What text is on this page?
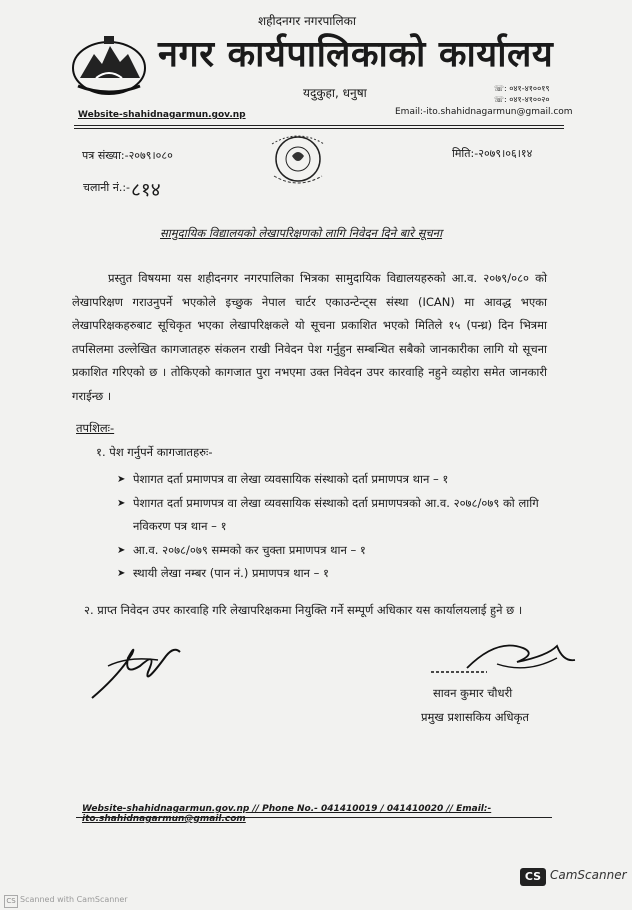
शहीदनगर नगरपालिका
नगर कार्यपालिकाको कार्यालय
यदुकुहा, धनुषा	☏: ०४१-४१००१९
☏: ०४१-४१००२०
Website-shahidnagarmun.gov.np	Email:-ito.shahidnagarmun@gmail.com
पत्र संख्या:-२०७९।०८०	मिति:-२०७९।०६।१४
चलानी नं.:- ८१४
सामुदायिक विद्यालयको लेखापरिक्षणको लागि निवेदन दिने बारे सूचना

प्रस्तुत विषयमा यस शहीदनगर नगरपालिका भित्रका सामुदायिक विद्यालयहरुको आ.व. २०७९/०८० को लेखापरिक्षण गराउनुपर्ने भएकोले इच्छुक नेपाल चार्टर एकाउन्टेन्ट्स संस्था (ICAN) मा आवद्ध भएका लेखापरिक्षकहरुबाट सूचिकृत भएका लेखापरिक्षकले यो सूचना प्रकाशित भएको मितिले १५ (पन्ध्र) दिन भित्रमा तपसिलमा उल्लेखित कागजातहरु संकलन राखी निवेदन पेश गर्नुहुन सम्बन्धित सबैको जानकारीका लागि यो सूचना प्रकाशित गरिएको छ । तोकिएको कागजात पुरा नभएमा उक्त निवेदन उपर कारवाहि नहुने व्यहोरा समेत जानकारी गराईन्छ ।

तपशिलः-
१. पेश गर्नुपर्ने कागजातहरुः-
➤ पेशागत दर्ता प्रमाणपत्र वा लेखा व्यवसायिक संस्थाको दर्ता प्रमाणपत्र थान – १
➤ पेशागत दर्ता प्रमाणपत्र वा लेखा व्यवसायिक संस्थाको दर्ता प्रमाणपत्रको आ.व. २०७८/०७९ को लागि नविकरण पत्र थान – १
➤ आ.व. २०७८/०७९ सम्मको कर चुक्ता प्रमाणपत्र थान – १
➤ स्थायी लेखा नम्बर (पान नं.) प्रमाणपत्र थान – १

२. प्राप्त निवेदन उपर कारवाहि गरि लेखापरिक्षकमा नियुक्ति गर्ने सम्पूर्ण अधिकार यस कार्यालयलाई हुने छ ।

सावन कुमार चौधरी
प्रमुख प्रशासकिय अधिकृत
Website-shahidnagarmun.gov.np // Phone No.- 041410019 / 041410020 // Email:-ito.shahidnagarmun@gmail.com
CS CamScanner
CS Scanned with CamScanner
